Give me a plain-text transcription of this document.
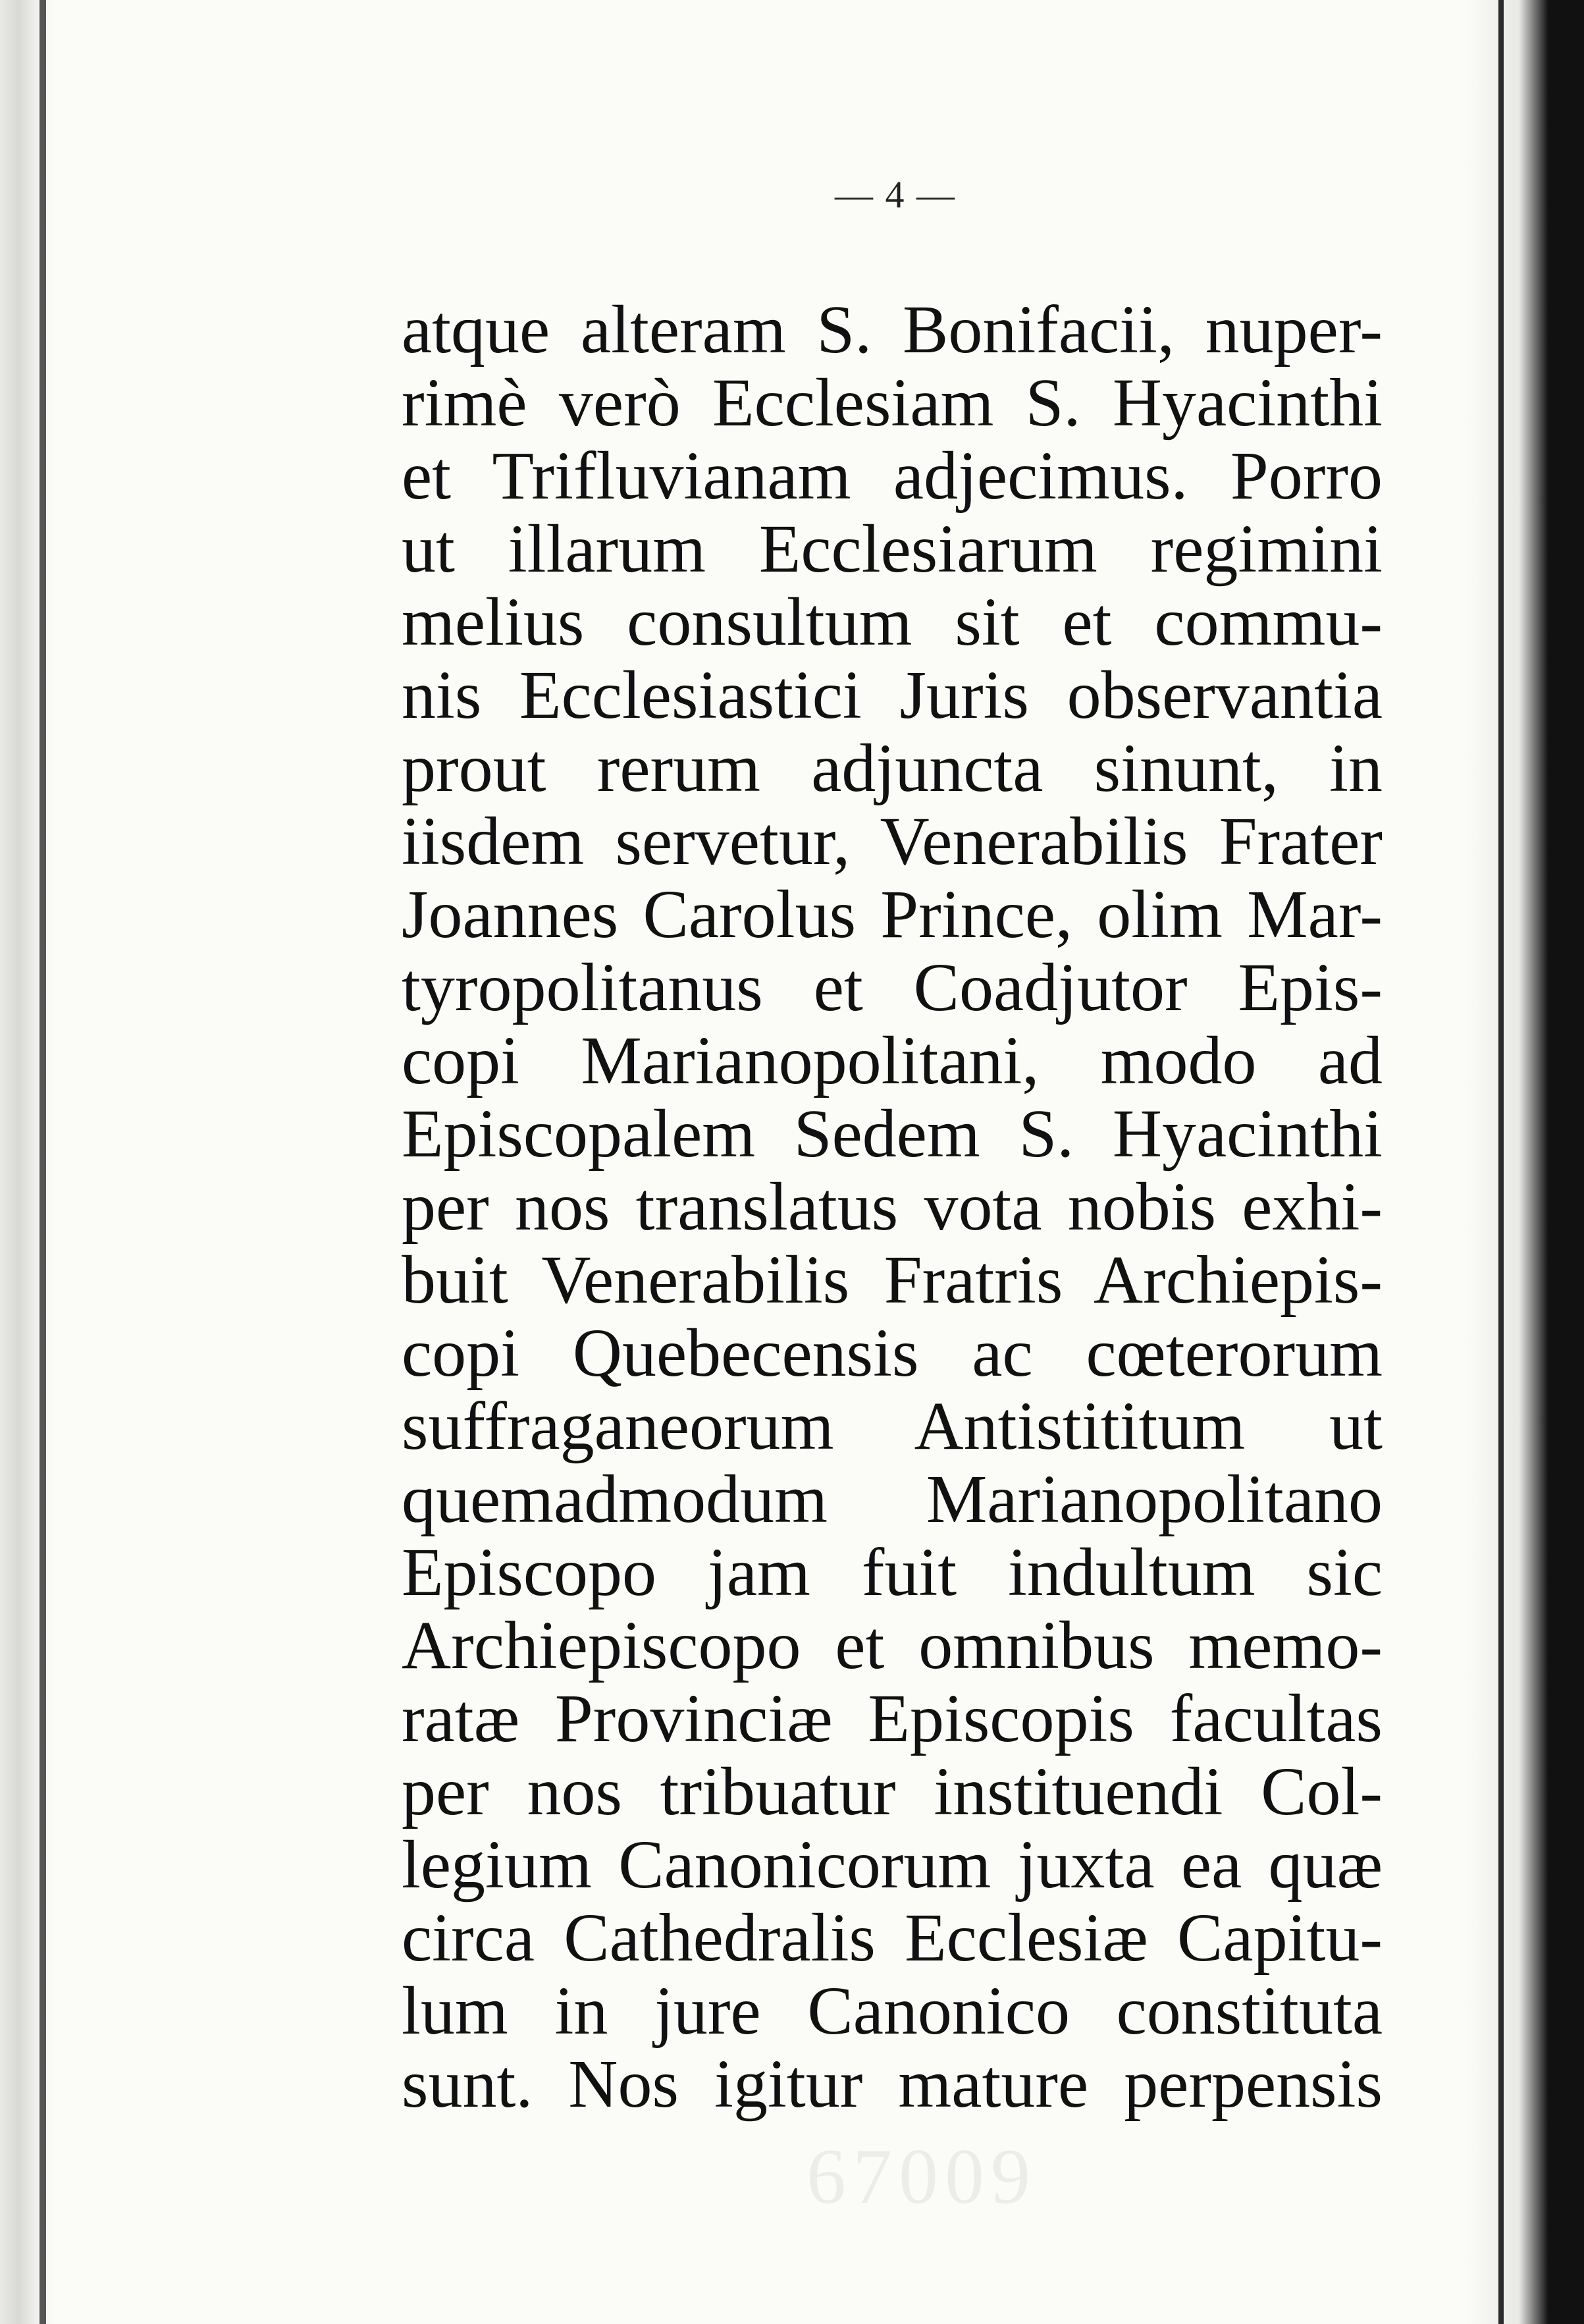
— 4 —
atque alteram S. Bonifacii, nuper-
rimè verò Ecclesiam S. Hyacinthi
et Trifluvianam adjecimus. Porro
ut illarum Ecclesiarum regimini
melius consultum sit et commu-
nis Ecclesiastici Juris observantia
prout rerum adjuncta sinunt, in
iisdem servetur, Venerabilis Frater
Joannes Carolus Prince, olim Mar-
tyropolitanus et Coadjutor Epis-
copi Marianopolitani, modo ad
Episcopalem Sedem S. Hyacinthi
per nos translatus vota nobis exhi-
buit Venerabilis Fratris Archiepis-
copi Quebecensis ac cœterorum
suffraganeorum Antistititum ut
quemadmodum Marianopolitano
Episcopo jam fuit indultum sic
Archiepiscopo et omnibus memo-
ratæ Provinciæ Episcopis facultas
per nos tribuatur instituendi Col-
legium Canonicorum juxta ea quæ
circa Cathedralis Ecclesiæ Capitu-
lum in jure Canonico constituta
sunt. Nos igitur mature perpensis
67009
